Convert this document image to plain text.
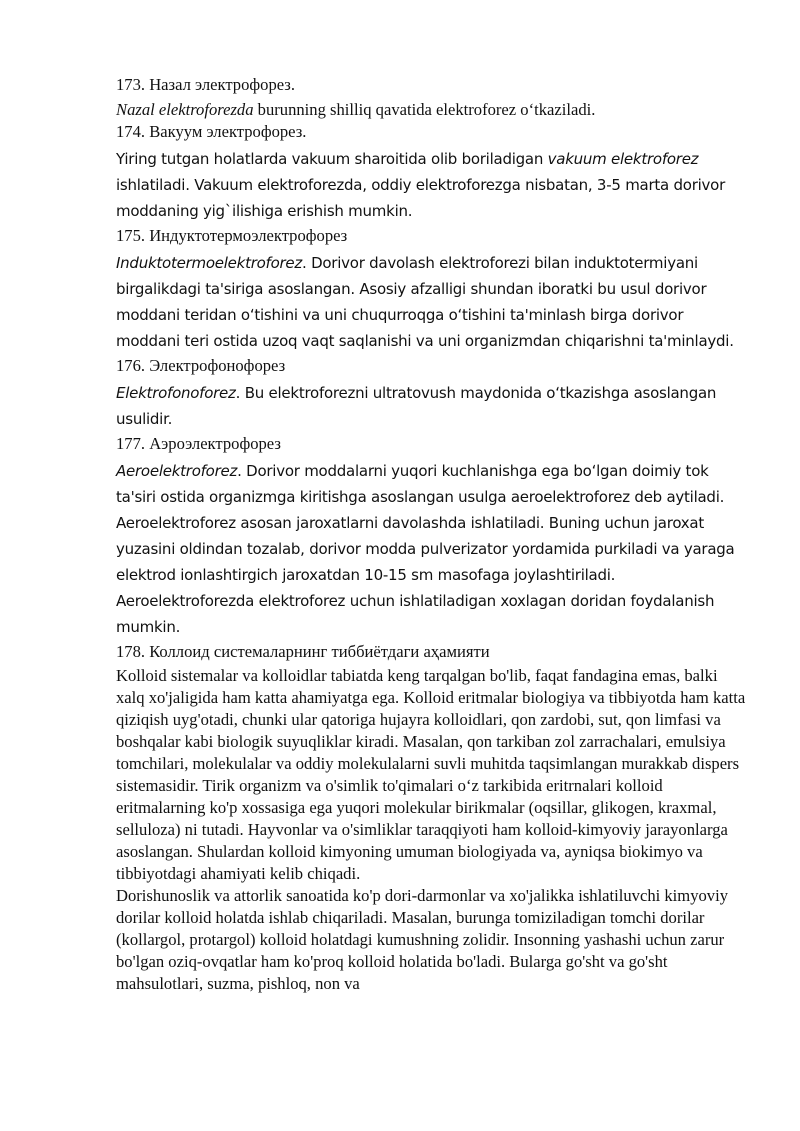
173. Назал электрофорез.

Nazal elektroforezda burunning shilliq qavatida elektroforez oʻtkaziladi.

174. Вакуум электрофорез.

Yiring tutgan holatlarda vakuum sharoitida olib boriladigan vakuum elektroforez ishlatiladi. Vakuum elektroforezda, oddiy elektroforezga nisbatan, 3-5 marta dorivor moddaning yig`ilishiga erishish mumkin.

175. Индуктотермоэлектрофорез

Induktotermoelektroforez. Dorivor davolash elektroforezi bilan induktotermiyani birgalikdagi ta'siriga asoslangan. Asosiy afzalligi shundan iboratki bu usul dorivor moddani teridan oʻtishini va uni chuqurroqga oʻtishini ta'minlash birga dorivor moddani teri ostida uzoq vaqt saqlanishi va uni organizmdan chiqarishni ta'minlaydi.

176. Электрофонофорез

Elektrofonoforez. Bu elektroforezni ultratovush maydonida oʻtkazishga asoslangan usulidir.

177. Аэроэлектрофорез

Aeroelektroforez. Dorivor moddalarni yuqori kuchlanishga ega boʻlgan doimiy tok ta'siri ostida organizmga kiritishga asoslangan usulga aeroelektroforez deb aytiladi. Aeroelektroforez asosan jaroxatlarni davolashda ishlatiladi. Buning uchun jaroxat yuzasini oldindan tozalab, dorivor modda pulverizator yordamida purkiladi va yaraga elektrod ionlashtirgich jaroxatdan 10-15 sm masofaga joylashtiriladi. Aeroelektroforezda elektroforez uchun ishlatiladigan xoxlagan doridan foydalanish mumkin.

178. Коллоид системаларнинг тиббиётдаги аҳамияти

Kolloid sistemalar va kolloidlar tabiatda keng tarqalgan bo'lib, faqat fandagina emas, balki xalq xo'jaligida ham katta ahamiyatga ega. Kolloid eritmalar biologiya va tibbiyotda ham katta qiziqish uyg'otadi, chunki ular qatoriga hujayra kolloidlari, qon zardobi, sut, qon limfasi va boshqalar kabi biologik suyuqliklar kiradi. Masalan, qon tarkiban zol zarrachalari, emulsiya tomchilari, molekulalar va oddiy molekulalarni suvli muhitda taqsimlangan murakkab dispers sistemasidir. Tirik organizm va o'simlik to'qimalari oʻz tarkibida eritrnalari kolloid eritmalarning ko'p xossasiga ega yuqori molekular birikmalar (oqsillar, glikogen, kraxmal, selluloza) ni tutadi. Hayvonlar va o'simliklar taraqqiyoti ham kolloid-kimyoviy jarayonlarga asoslangan. Shulardan kolloid kimyoning umuman biologiyada va, ayniqsa biokimyo va tibbiyotdagi ahamiyati kelib chiqadi.

Dorishunoslik va attorlik sanoatida ko'p dori-darmonlar va xo'jalikka ishlatiluvchi kimyoviy dorilar kolloid holatda ishlab chiqariladi. Masalan, burunga tomiziladigan tomchi dorilar (kollargol, protargol) kolloid holatdagi kumushning zolidir. Insonning yashashi uchun zarur bo'lgan oziq-ovqatlar ham ko'proq kolloid holatida bo'ladi. Bularga go'sht va go'sht mahsulotlari, suzma, pishloq, non va
